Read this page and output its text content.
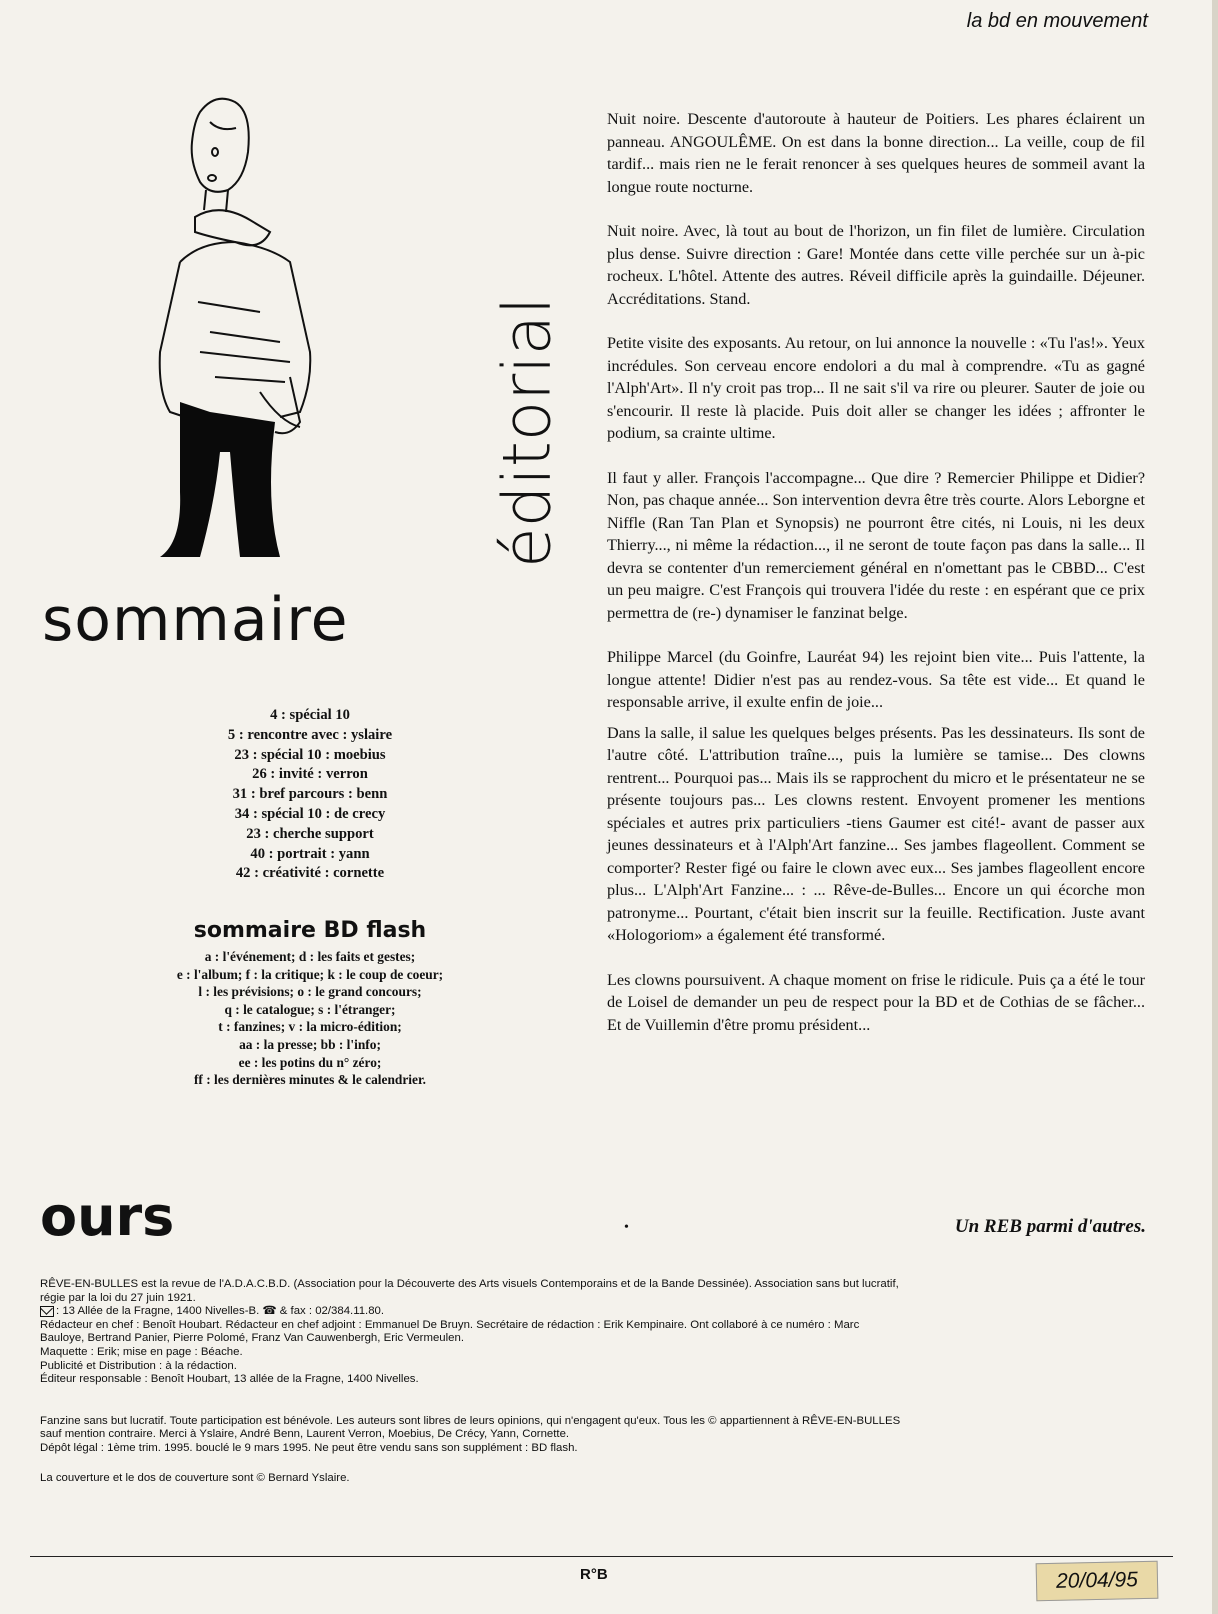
la bd en mouvement
éditorial
sommaire
4 : spécial 10
5 : rencontre avec : yslaire
23 : spécial 10 : moebius
26 : invité : verron
31 : bref parcours : benn
34 : spécial 10 : de crecy
23 : cherche support
40 : portrait : yann
42 : créativité : cornette
sommaire BD flash
a : l'événement; d : les faits et gestes;
e : l'album; f : la critique; k : le coup de coeur;
l : les prévisions; o : le grand concours;
q : le catalogue; s : l'étranger;
t : fanzines; v : la micro-édition;
aa : la presse; bb : l'info;
ee : les potins du n° zéro;
ff : les dernières minutes & le calendrier.
ours
RÊVE-EN-BULLES est la revue de l'A.D.A.C.B.D. (Association pour la Découverte des Arts visuels Contemporains et de la Bande Dessinée). Association sans but lucratif,
régie par la loi du 27 juin 1921.
: 13 Allée de la Fragne, 1400 Nivelles-B. ☎ & fax : 02/384.11.80.
Rédacteur en chef : Benoît Houbart. Rédacteur en chef adjoint : Emmanuel De Bruyn. Secrétaire de rédaction : Erik Kempinaire. Ont collaboré à ce numéro : Marc
Bauloye, Bertrand Panier, Pierre Polomé, Franz Van Cauwenbergh, Eric Vermeulen.
Maquette : Erik; mise en page : Béache.
Publicité et Distribution : à la rédaction.
Éditeur responsable : Benoît Houbart, 13 allée de la Fragne, 1400 Nivelles.
Fanzine sans but lucratif. Toute participation est bénévole. Les auteurs sont libres de leurs opinions, qui n'engagent qu'eux. Tous les © appartiennent à RÊVE-EN-BULLES
sauf mention contraire. Merci à Yslaire, André Benn, Laurent Verron, Moebius, De Crécy, Yann, Cornette.
Dépôt légal : 1ème trim. 1995. bouclé le 9 mars 1995. Ne peut être vendu sans son supplément : BD flash.
La couverture et le dos de couverture sont © Bernard Yslaire.

Nuit noire. Descente d'autoroute à hauteur de Poitiers. Les phares éclairent un panneau. ANGOULÊME. On est dans la bonne direction... La veille, coup de fil tardif... mais rien ne le ferait renoncer à ses quelques heures de sommeil avant la longue route nocturne.

Nuit noire. Avec, là tout au bout de l'horizon, un fin filet de lumière. Circulation plus dense. Suivre direction : Gare! Montée dans cette ville perchée sur un à-pic rocheux. L'hôtel. Attente des autres. Réveil difficile après la guindaille. Déjeuner. Accréditations. Stand.

Petite visite des exposants. Au retour, on lui annonce la nouvelle : «Tu l'as!». Yeux incrédules. Son cerveau encore endolori a du mal à comprendre. «Tu as gagné l'Alph'Art». Il n'y croit pas trop... Il ne sait s'il va rire ou pleurer. Sauter de joie ou s'encourir. Il reste là placide. Puis doit aller se changer les idées ; affronter le podium, sa crainte ultime.

Il faut y aller. François l'accompagne... Que dire ? Remercier Philippe et Didier? Non, pas chaque année... Son intervention devra être très courte. Alors Leborgne et Niffle (Ran Tan Plan et Synopsis) ne pourront être cités, ni Louis, ni les deux Thierry..., ni même la rédaction..., il ne seront de toute façon pas dans la salle... Il devra se contenter d'un remerciement général en n'omettant pas le CBBD... C'est un peu maigre. C'est François qui trouvera l'idée du reste : en espérant que ce prix permettra de (re-) dynamiser le fanzinat belge.

Philippe Marcel (du Goinfre, Lauréat 94) les rejoint bien vite... Puis l'attente, la longue attente! Didier n'est pas au rendez-vous. Sa tête est vide... Et quand le responsable arrive, il exulte enfin de joie...

Dans la salle, il salue les quelques belges présents. Pas les dessinateurs. Ils sont de l'autre côté. L'attribution traîne..., puis la lumière se tamise... Des clowns rentrent... Pourquoi pas... Mais ils se rapprochent du micro et le présentateur ne se présente toujours pas... Les clowns restent. Envoyent promener les mentions spéciales et autres prix particuliers -tiens Gaumer est cité!- avant de passer aux jeunes dessinateurs et à l'Alph'Art fanzine... Ses jambes flageollent. Comment se comporter? Rester figé ou faire le clown avec eux... Ses jambes flageollent encore plus... L'Alph'Art Fanzine... : ... Rêve-de-Bulles... Encore un qui écorche mon patronyme... Pourtant, c'était bien inscrit sur la feuille. Rectification. Juste avant «Hologoriom» a également été transformé.

Les clowns poursuivent. A chaque moment on frise le ridicule. Puis ça a été le tour de Loisel de demander un peu de respect pour la BD et de Cothias de se fâcher... Et de Vuillemin d'être promu président...

•	Un REB parmi d'autres.
R°B	20/04/95
